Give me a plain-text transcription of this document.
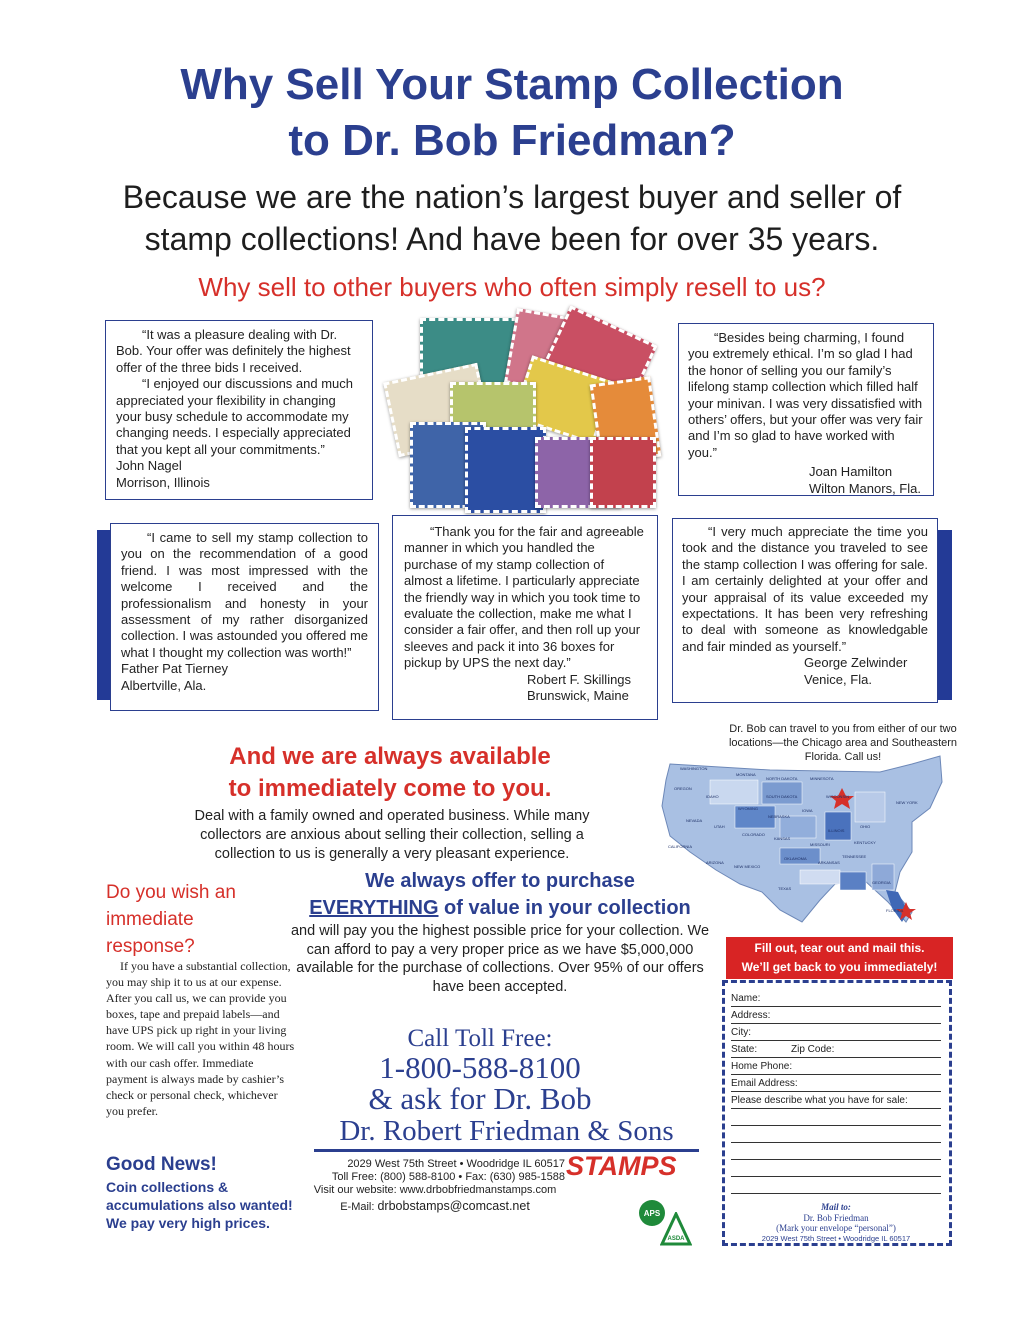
Why Sell Your Stamp Collection
to Dr. Bob Friedman?
Because we are the nation’s largest buyer and seller of
stamp collections! And have been for over 35 years.
Why sell to other buyers who often simply resell to us?

“It was a pleasure dealing with Dr. Bob. Your offer was definitely the highest offer of the three bids I received.

“I enjoyed our discussions and much appreciated your flexibility in changing your busy schedule to accommodate my changing needs. I especially appreciated that you kept all your commitments.”

John Nagel

Morrison, Illinois

“Besides being charming, I found you extremely ethical. I’m so glad I had the honor of selling you our family’s lifelong stamp collection which filled half your minivan. I was very dissatisfied with others’ offers, but your offer was very fair and I’m so glad to have worked with you.”

Joan Hamilton

Wilton Manors, Fla.

“I came to sell my stamp collection to you on the recommendation of a good friend. I was most impressed with the welcome I received and the professionalism and honesty in your assessment of my rather disorganized collection. I was astounded you offered me what I thought my collection was worth!”

Father Pat Tierney

Albertville, Ala.

“Thank you for the fair and agreeable manner in which you handled the purchase of my stamp collection of almost a lifetime. I particularly appreciate the friendly way in which you took time to evaluate the collection, make me what I consider a fair offer, and then roll up your sleeves and pack it into 36 boxes for pickup by UPS the next day.”

Robert F. Skillings

Brunswick, Maine

“I very much appreciate the time you took and the distance you traveled to see the stamp collection I was offering for sale. I am certainly delighted at your offer and your appraisal of its value exceeded my expectations. It has been very refreshing to deal with someone as knowledgable and fair minded as yourself.”

George Zelwinder

Venice, Fla.

And we are always available
to immediately come to you.
Deal with a family owned and operated business. While many collectors are anxious about selling their collection, selling a collection to us is generally a very pleasant experience.
Dr. Bob can travel to you from either of our two locations—the Chicago area and Southeastern Florida. Call us!
MONTANA
NORTH DAKOTA	MINNESOTA
IDAHO	SOUTH DAKOTA
WYOMING
WISCONSIN
NEW YORK
NEBRASKA
IOWA
NEVADA
UTAH
COLORADO
KANSAS
MISSOURI	KENTUCKY
CALIFORNIA
ARIZONA
NEW MEXICO
OKLAHOMA
ARKANSAS
TENNESSEE
TEXAS
GEORGIA
FLORIDA
OREGON
WASHINGTON
ILLINOIS
OHIO
Do you wish an
immediate
response?
If you have a substantial collection, you may ship it to us at our expense. After you call us, we can provide you boxes, tape and prepaid labels—and have UPS pick up right in your living room. We will call you within 48 hours with our cash offer. Immediate payment is always made by cashier’s check or personal check, whichever you prefer.
Good News!
Coin collections &
accumulations also wanted!
We pay very high prices.
We always offer to purchase
EVERYTHING of value in your collection
and will pay you the highest possible price for your collection. We can afford to pay a very proper price as we have $5,000,000 available for the purchase of collections. Over 95% of our offers have been accepted.
Call Toll Free:
1-800-588-8100
& ask for Dr. Bob
Dr. Robert Friedman & Sons
2029 West 75th Street • Woodridge IL 60517
Toll Free: (800) 588-8100 • Fax: (630) 985-1588
Visit our website: www.drbobfriedmanstamps.com
E-Mail: drbobstamps@comcast.net
STAMPS
APS
ASDA
Fill out, tear out and mail this.
We’ll get back to you immediately!
Name:
Address:
City:
State:	Zip Code:
Home Phone:
Email Address:
Please describe what you have for sale:
Mail to:
Dr. Bob Friedman
(Mark your envelope “personal”)
2029 West 75th Street • Woodridge IL 60517
